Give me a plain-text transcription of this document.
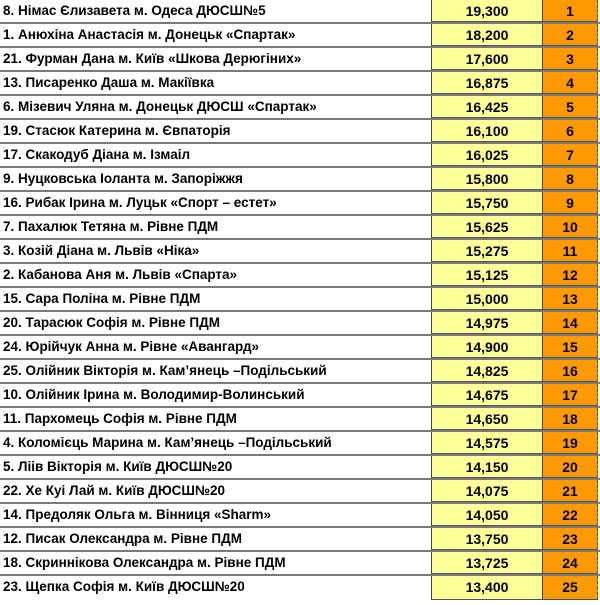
8. Німас Єлизавета м. Одеса ДЮСШ№5	19,300	1
1. Анюхіна Анастасія м. Донецьк «Спартак»	18,200	2
21. Фурман Дана м. Київ «Шкова Дерюгіних»	17,600	3
13. Писаренко Даша м. Макіївка	16,875	4
6. Мізевич Уляна м. Донецьк ДЮСШ «Спартак»	16,425	5
19. Стасюк Катерина м. Євпаторія	16,100	6
17. Скакодуб Діана м. Ізмаіл	16,025	7
9. Нуцковська Іоланта м. Запоріжжя	15,800	8
16. Рибак Ірина м. Луцьк «Спорт – естет»	15,750	9
7. Пахалюк Тетяна м. Рівне ПДМ	15,625	10
3. Козій Діана м. Львів «Ніка»	15,275	11
2. Кабанова Аня м. Львів «Спарта»	15,125	12
15. Сара Поліна м. Рівне ПДМ	15,000	13
20. Тарасюк Софія м. Рівне ПДМ	14,975	14
24. Юрійчук Анна м. Рівне «Авангард»	14,900	15
25. Олійник Вікторія м. Кам’янець –Подільський	14,825	16
10. Олійник Ірина м. Володимир-Волинський	14,675	17
11. Пархомець Софія м. Рівне ПДМ	14,650	18
4. Коломієць Марина м. Кам’янець –Подільський	14,575	19
5. Ліів Вікторія м. Київ ДЮСШ№20	14,150	20
22. Хе Куі Лай м. Київ ДЮСШ№20	14,075	21
14. Предоляк Ольга м. Вінниця «Sharm»	14,050	22
12. Писак Олександра м. Рівне ПДМ	13,750	23
18. Скриннікова Олександра м. Рівне ПДМ	13,725	24
23. Щепка Софія м. Київ ДЮСШ№20	13,400	25
